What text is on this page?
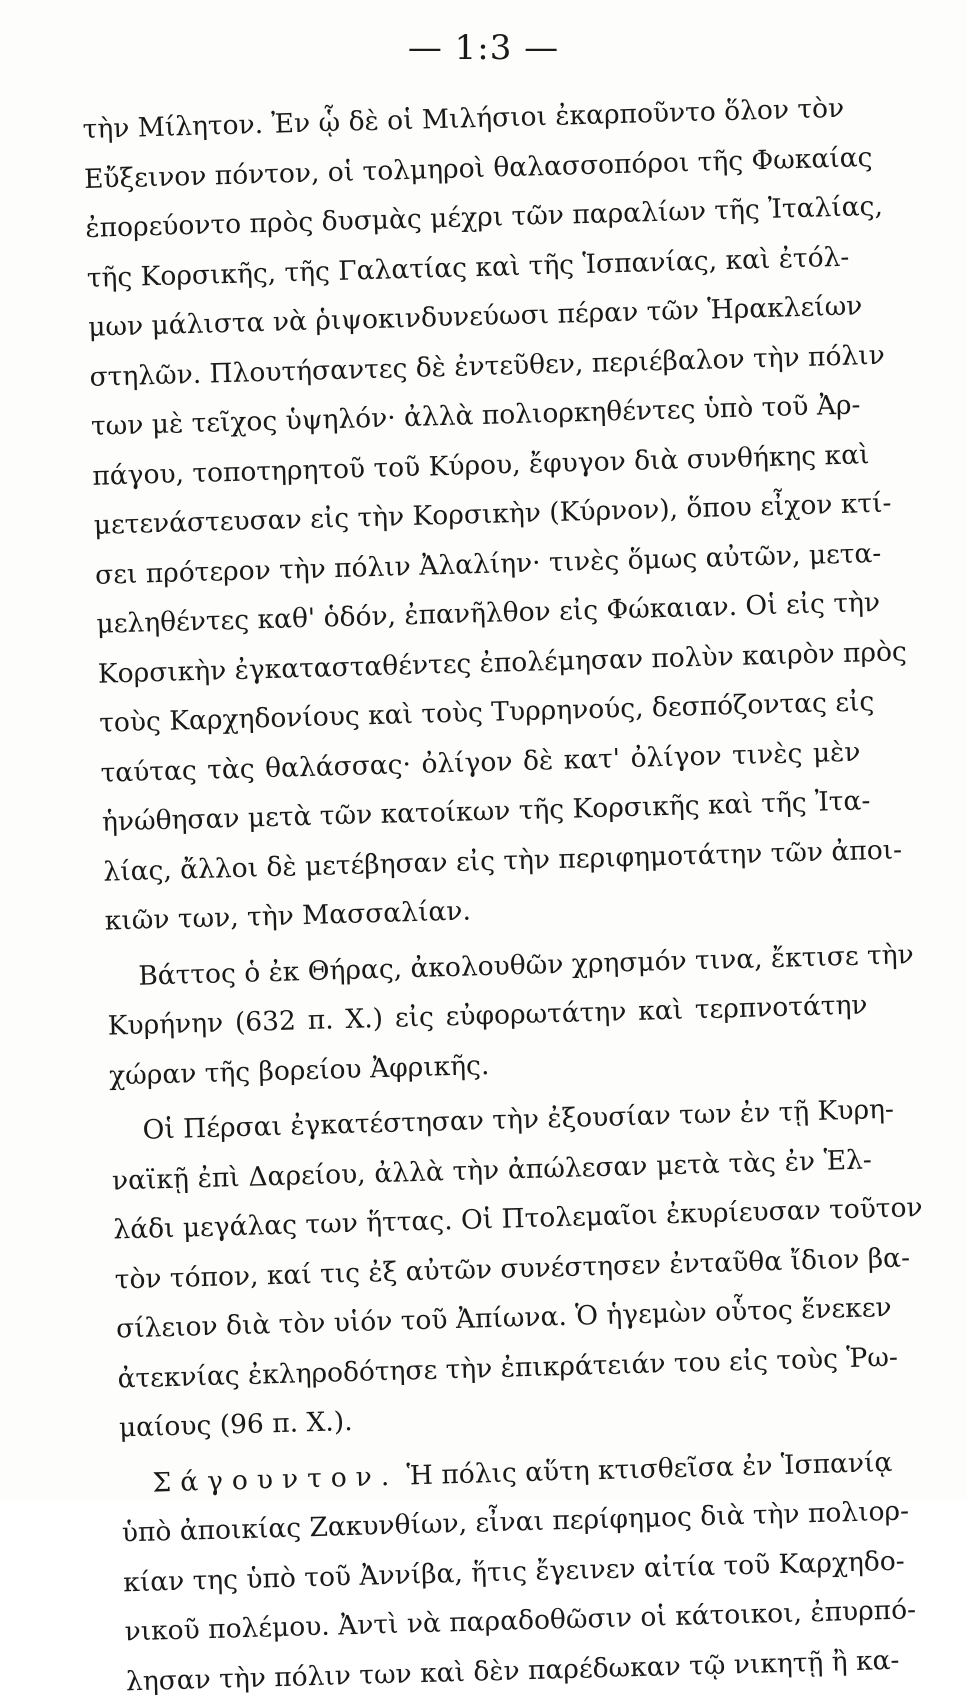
— 1:3 —
τὴν Μίλητον. Ἐν ᾧ δὲ οἱ Μιλήσιοι ἐκαρποῦντο ὅλον τὸν
Εὔξεινον πόντον, οἱ τολμηροὶ θαλασσοπόροι τῆς Φωκαίας
ἐπορεύοντο πρὸς δυσμὰς μέχρι τῶν παραλίων τῆς Ἰταλίας,
τῆς Κορσικῆς, τῆς Γαλατίας καὶ τῆς Ἱσπανίας, καὶ ἐτόλ-
μων μάλιστα νὰ ῥιψοκινδυνεύωσι πέραν τῶν Ἡρακλείων
στηλῶν. Πλουτήσαντες δὲ ἐντεῦθεν, περιέβαλον τὴν πόλιν
των μὲ τεῖχος ὑψηλόν· ἀλλὰ πολιορκηθέντες ὑπὸ τοῦ Ἀρ-
πάγου, τοποτηρητοῦ τοῦ Κύρου, ἔφυγον διὰ συνθήκης καὶ
μετενάστευσαν εἰς τὴν Κορσικὴν (Κύρνον), ὅπου εἶχον κτί-
σει πρότερον τὴν πόλιν Ἀλαλίην· τινὲς ὅμως αὐτῶν, μετα-
μεληθέντες καθ' ὁδόν, ἐπανῆλθον εἰς Φώκαιαν. Οἱ εἰς τὴν
Κορσικὴν ἐγκατασταθέντες ἐπολέμησαν πολὺν καιρὸν πρὸς
τοὺς Καρχηδονίους καὶ τοὺς Τυρρηνούς, δεσπόζοντας εἰς
ταύτας τὰς θαλάσσας· ὀλίγον δὲ κατ' ὀλίγον τινὲς μὲν
ἡνώθησαν μετὰ τῶν κατοίκων τῆς Κορσικῆς καὶ τῆς Ἰτα-
λίας, ἄλλοι δὲ μετέβησαν εἰς τὴν περιφημοτάτην τῶν ἀποι-
κιῶν των, τὴν Μασσαλίαν.
Βάττος ὁ ἐκ Θήρας, ἀκολουθῶν χρησμόν τινα, ἔκτισε τὴν
Κυρήνην (632 π. Χ.) εἰς εὐφορωτάτην καὶ τερπνοτάτην
χώραν τῆς βορείου Ἀφρικῆς.
Οἱ Πέρσαι ἐγκατέστησαν τὴν ἐξουσίαν των ἐν τῇ Κυρη-
ναϊκῇ ἐπὶ Δαρείου, ἀλλὰ τὴν ἀπώλεσαν μετὰ τὰς ἐν Ἑλ-
λάδι μεγάλας των ἥττας. Οἱ Πτολεμαῖοι ἐκυρίευσαν τοῦτον
τὸν τόπον, καί τις ἐξ αὐτῶν συνέστησεν ἐνταῦθα ἴδιον βα-
σίλειον διὰ τὸν υἱόν τοῦ Ἀπίωνα. Ὁ ἡγεμὼν οὗτος ἕνεκεν
ἀτεκνίας ἐκληροδότησε τὴν ἐπικράτειάν του εἰς τοὺς Ῥω-
μαίους (96 π. Χ.).
Σάγουντον. Ἡ πόλις αὕτη κτισθεῖσα ἐν Ἱσπανίᾳ
ὑπὸ ἀποικίας Ζακυνθίων, εἶναι περίφημος διὰ τὴν πολιορ-
κίαν της ὑπὸ τοῦ Ἀννίβα, ἥτις ἔγεινεν αἰτία τοῦ Καρχηδο-
νικοῦ πολέμου. Ἀντὶ νὰ παραδοθῶσιν οἱ κάτοικοι, ἐπυρπό-
λησαν τὴν πόλιν των καὶ δὲν παρέδωκαν τῷ νικητῇ ἢ κα-
